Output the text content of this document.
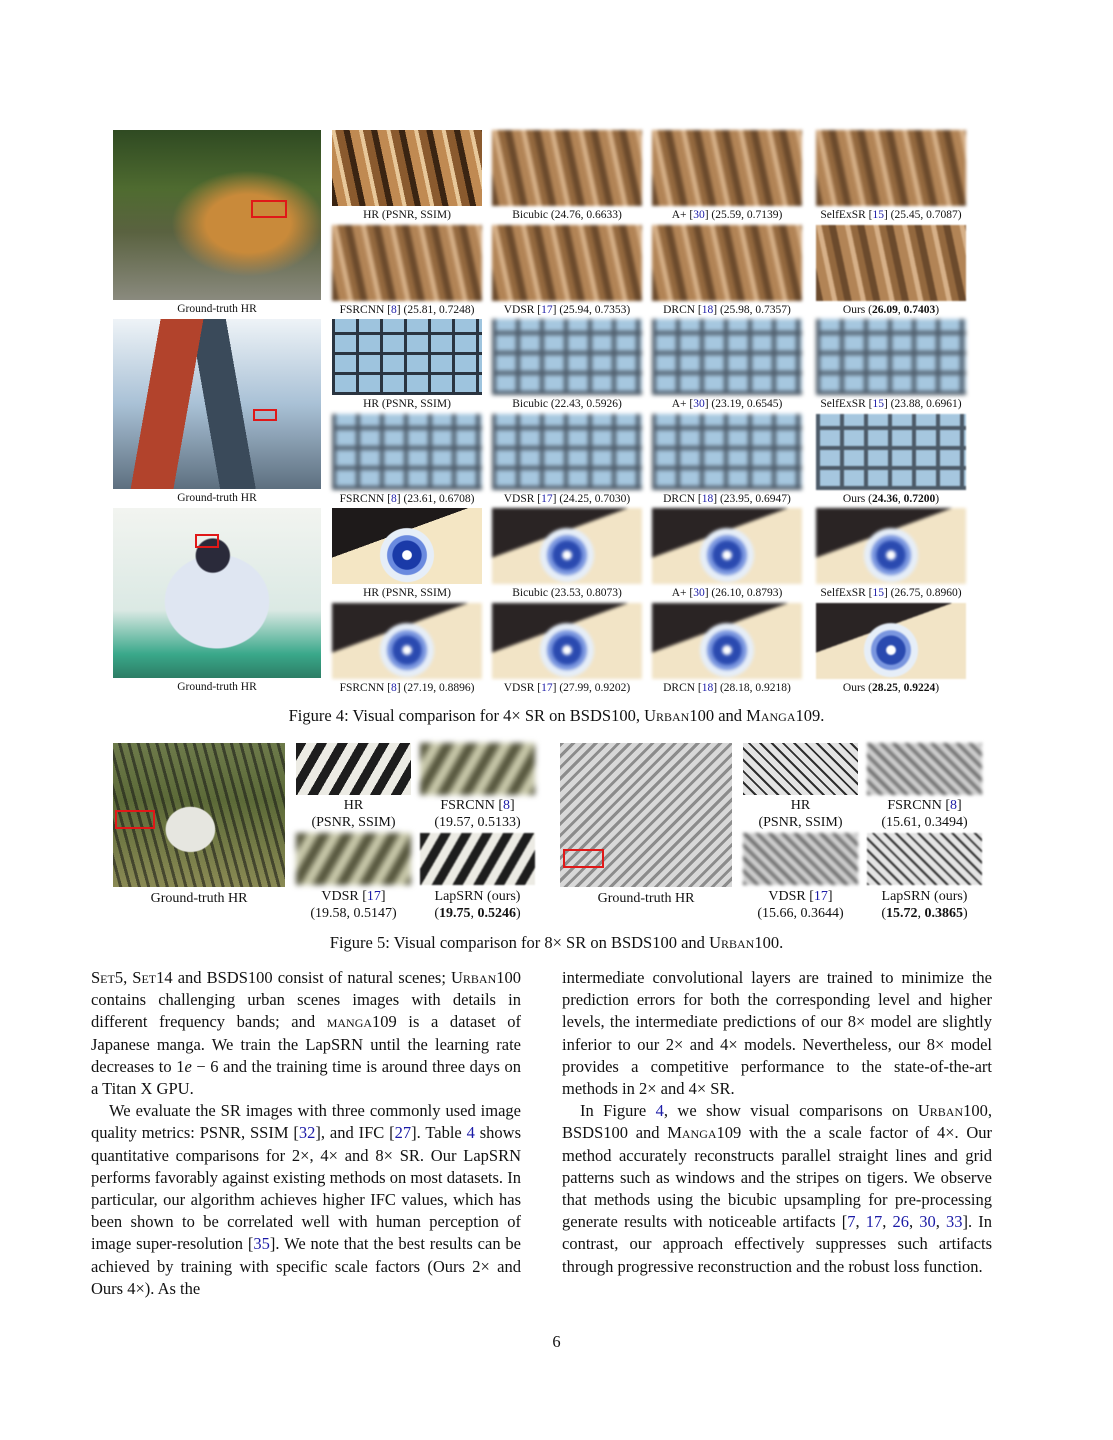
Ground-truth HR
HR (PSNR, SSIM)	Bicubic (24.76, 0.6633)	A+ [30] (25.59, 0.7139)	SelfExSR [15] (25.45, 0.7087)
FSRCNN [8] (25.81, 0.7248)	VDSR [17] (25.94, 0.7353)	DRCN [18] (25.98, 0.7357)	Ours (26.09, 0.7403)
Ground-truth HR
HR (PSNR, SSIM)	Bicubic (22.43, 0.5926)	A+ [30] (23.19, 0.6545)	SelfExSR [15] (23.88, 0.6961)
FSRCNN [8] (23.61, 0.6708)	VDSR [17] (24.25, 0.7030)	DRCN [18] (23.95, 0.6947)	Ours (24.36, 0.7200)
Ground-truth HR
HR (PSNR, SSIM)	Bicubic (23.53, 0.8073)	A+ [30] (26.10, 0.8793)	SelfExSR [15] (26.75, 0.8960)
FSRCNN [8] (27.19, 0.8896)	VDSR [17] (27.99, 0.9202)	DRCN [18] (28.18, 0.9218)	Ours (28.25, 0.9224)
Figure 4: Visual comparison for 4× SR on BSDS100, Urban100 and Manga109.
Ground-truth HR
HR
(PSNR, SSIM)
FSRCNN [8]
(19.57, 0.5133)
VDSR [17]
(19.58, 0.5147)
LapSRN (ours)
(19.75, 0.5246)
Ground-truth HR
HR
(PSNR, SSIM)
FSRCNN [8]
(15.61, 0.3494)
VDSR [17]
(15.66, 0.3644)
LapSRN (ours)
(15.72, 0.3865)
Figure 5: Visual comparison for 8× SR on BSDS100 and Urban100.

Set5, Set14 and BSDS100 consist of natural scenes; Urban100 contains challenging urban scenes images with details in different frequency bands; and manga109 is a dataset of Japanese manga. We train the LapSRN until the learning rate decreases to 1e − 6 and the training time is around three days on a Titan X GPU.

We evaluate the SR images with three commonly used image quality metrics: PSNR, SSIM [32], and IFC [27]. Table 4 shows quantitative comparisons for 2×, 4× and 8× SR. Our LapSRN performs favorably against existing methods on most datasets. In particular, our algorithm achieves higher IFC values, which has been shown to be correlated well with human perception of image super-resolution [35]. We note that the best results can be achieved by training with specific scale factors (Ours 2× and Ours 4×). As the

intermediate convolutional layers are trained to minimize the prediction errors for both the corresponding level and higher levels, the intermediate predictions of our 8× model are slightly inferior to our 2× and 4× models. Nevertheless, our 8× model provides a competitive performance to the state-of-the-art methods in 2× and 4× SR.

In Figure 4, we show visual comparisons on Urban100, BSDS100 and Manga109 with the a scale factor of 4×. Our method accurately reconstructs parallel straight lines and grid patterns such as windows and the stripes on tigers. We observe that methods using the bicubic upsampling for pre-processing generate results with noticeable artifacts [7, 17, 26, 30, 33]. In contrast, our approach effectively suppresses such artifacts through progressive reconstruction and the robust loss function.

6
